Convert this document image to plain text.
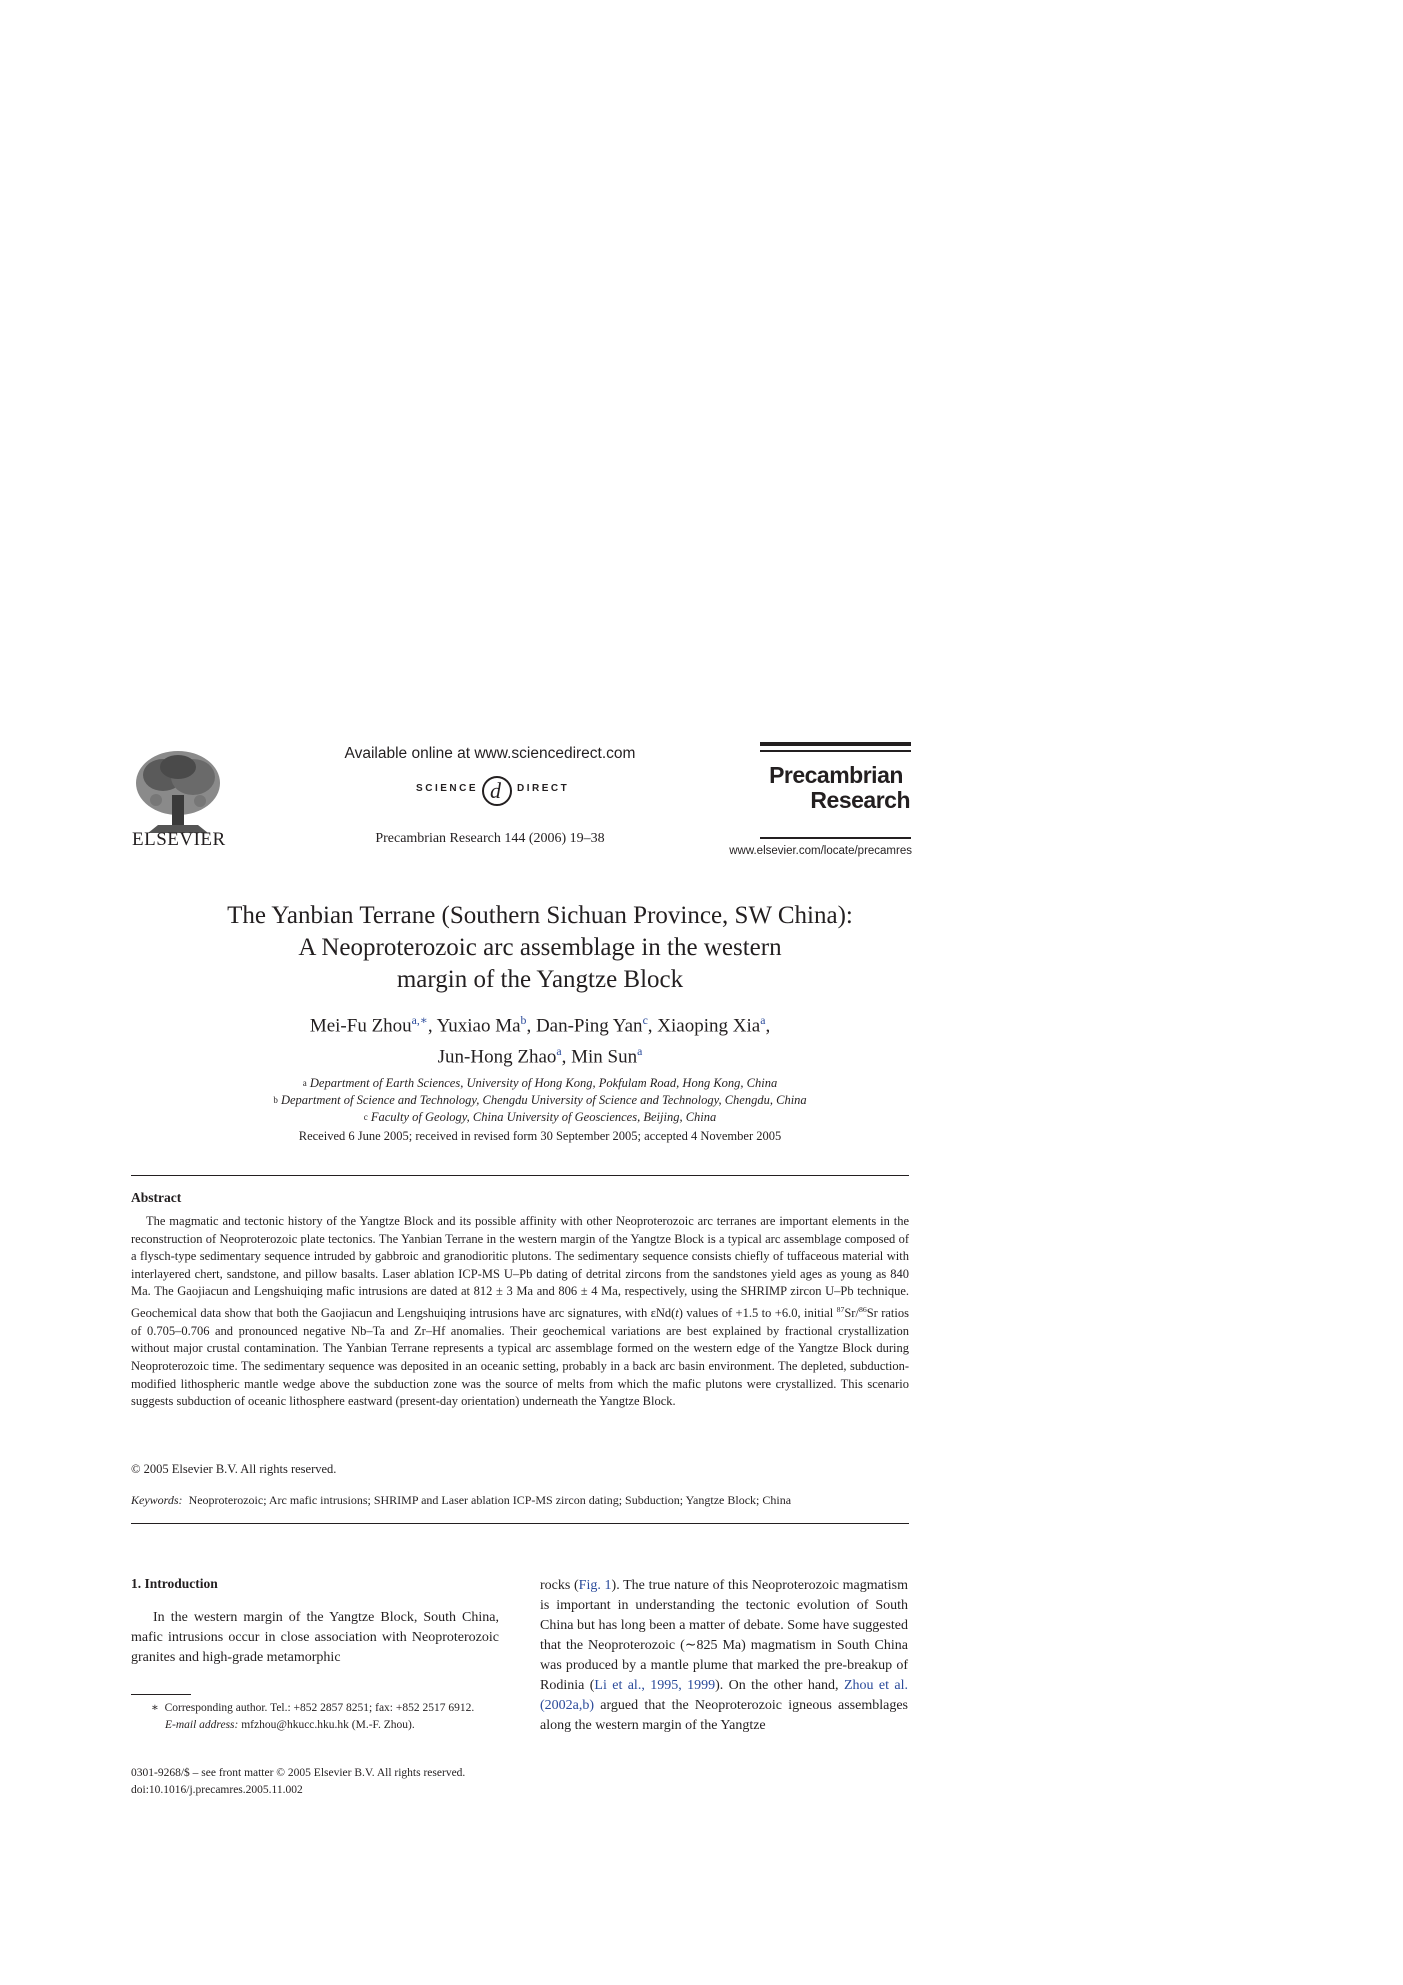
ELSEVIER
Available online at www.sciencedirect.com
d
SCIENCE	DIRECT
Precambrian Research 144 (2006) 19–38
Precambrian
Research
www.elsevier.com/locate/precamres
The Yanbian Terrane (Southern Sichuan Province, SW China):
A Neoproterozoic arc assemblage in the western
margin of the Yangtze Block
Mei-Fu Zhou$^{a,∗}$, Yuxiao Ma$^b$, Dan-Ping Yan$^c$, Xiaoping Xia$^a$,
Jun-Hong Zhao$^a$, Min Sun$^a$
$^a$ Department of Earth Sciences, University of Hong Kong, Pokfulam Road, Hong Kong, China
$^b$ Department of Science and Technology, Chengdu University of Science and Technology, Chengdu, China
$^c$ Faculty of Geology, China University of Geosciences, Beijing, China
Received 6 June 2005; received in revised form 30 September 2005; accepted 4 November 2005
Abstract
The magmatic and tectonic history of the Yangtze Block and its possible affinity with other Neoproterozoic arc terranes are important elements in the reconstruction of Neoproterozoic plate tectonics. The Yanbian Terrane in the western margin of the Yangtze Block is a typical arc assemblage composed of a flysch-type sedimentary sequence intruded by gabbroic and granodioritic plutons. The sedimentary sequence consists chiefly of tuffaceous material with interlayered chert, sandstone, and pillow basalts. Laser ablation ICP-MS U–Pb dating of detrital zircons from the sandstones yield ages as young as 840 Ma. The Gaojiacun and Lengshuiqing mafic intrusions are dated at 812 ± 3 Ma and 806 ± 4 Ma, respectively, using the SHRIMP zircon U–Pb technique. Geochemical data show that both the Gaojiacun and Lengshuiqing intrusions have arc signatures, with εNd(t) values of +1.5 to +6.0, initial $^{87}$Sr/$^{86}$Sr ratios of 0.705–0.706 and pronounced negative Nb–Ta and Zr–Hf anomalies. Their geochemical variations are best explained by fractional crystallization without major crustal contamination. The Yanbian Terrane represents a typical arc assemblage formed on the western edge of the Yangtze Block during Neoproterozoic time. The sedimentary sequence was deposited in an oceanic setting, probably in a back arc basin environment. The depleted, subduction-modified lithospheric mantle wedge above the subduction zone was the source of melts from which the mafic plutons were crystallized. This scenario suggests subduction of oceanic lithosphere eastward (present-day orientation) underneath the Yangtze Block.
© 2005 Elsevier B.V. All rights reserved.
Keywords: Neoproterozoic; Arc mafic intrusions; SHRIMP and Laser ablation ICP-MS zircon dating; Subduction; Yangtze Block; China
1. Introduction
In the western margin of the Yangtze Block, South China, mafic intrusions occur in close association with Neoproterozoic granites and high-grade metamorphic
rocks (Fig. 1). The true nature of this Neoproterozoic magmatism is important in understanding the tectonic evolution of South China but has long been a matter of debate. Some have suggested that the Neoproterozoic (∼825 Ma) magmatism in South China was produced by a mantle plume that marked the pre-breakup of Rodinia (Li et al., 1995, 1999). On the other hand, Zhou et al. (2002a,b) argued that the Neoproterozoic igneous assemblages along the western margin of the Yangtze
∗ Corresponding author. Tel.: +852 2857 8251; fax: +852 2517 6912.
E-mail address: mfzhou@hkucc.hku.hk (M.-F. Zhou).
0301-9268/$ – see front matter © 2005 Elsevier B.V. All rights reserved.
doi:10.1016/j.precamres.2005.11.002
